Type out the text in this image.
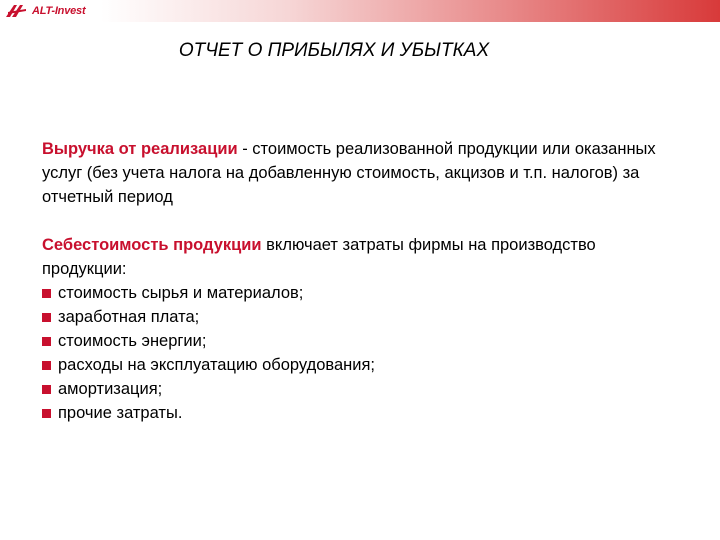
ALT-Invest
ОТЧЕТ О ПРИБЫЛЯХ И УБЫТКАХ
Выручка от реализации - стоимость реализованной продукции или оказанных услуг (без учета налога на добавленную стоимость, акцизов и т.п. налогов) за отчетный период
Себестоимость продукции включает затраты фирмы на производство продукции:
стоимость сырья и материалов;
заработная плата;
стоимость энергии;
расходы на эксплуатацию оборудования;
амортизация;
прочие затраты.
